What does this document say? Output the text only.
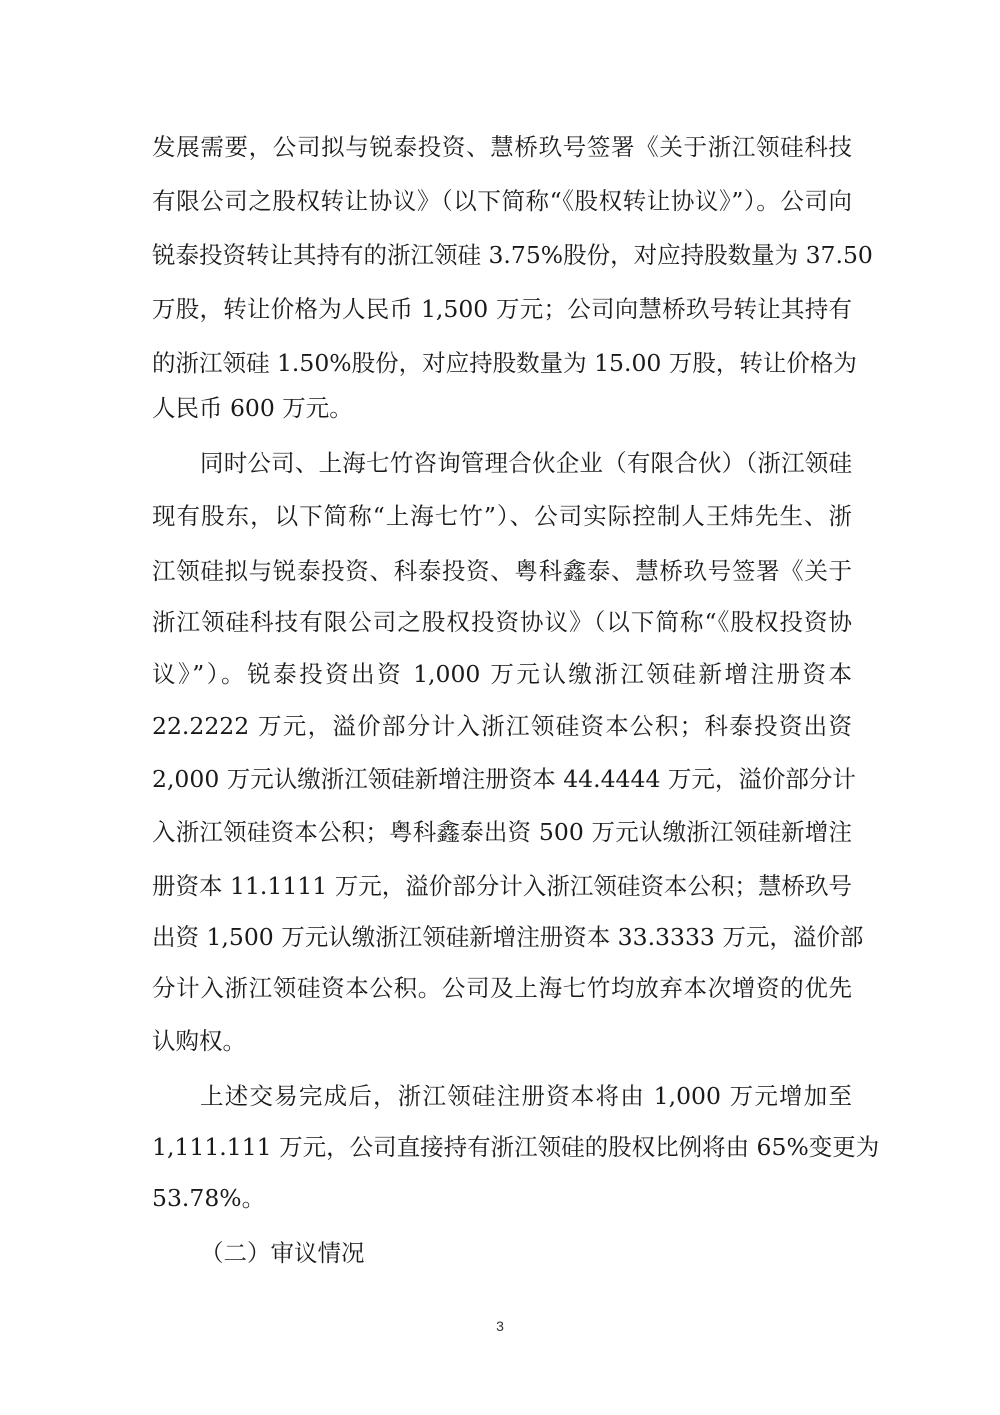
发展需要，公司拟与锐泰投资、慧桥玖号签署《关于浙江领硅科技
有限公司之股权转让协议》（以下简称“《股权转让协议》”）。公司向
锐泰投资转让其持有的浙江领硅 3.75%股份，对应持股数量为 37.50
万股，转让价格为人民币 1,500 万元；公司向慧桥玖号转让其持有
的浙江领硅 1.50%股份，对应持股数量为 15.00 万股，转让价格为
人民币 600 万元。
同时公司、上海七竹咨询管理合伙企业（有限合伙）（浙江领硅
现有股东，以下简称“上海七竹”）、公司实际控制人王炜先生、浙
江领硅拟与锐泰投资、科泰投资、粤科鑫泰、慧桥玖号签署《关于
浙江领硅科技有限公司之股权投资协议》（以下简称“《股权投资协
议》”）。锐泰投资出资 1,000 万元认缴浙江领硅新增注册资本
22.2222 万元，溢价部分计入浙江领硅资本公积；科泰投资出资
2,000 万元认缴浙江领硅新增注册资本 44.4444 万元，溢价部分计
入浙江领硅资本公积；粤科鑫泰出资 500 万元认缴浙江领硅新增注
册资本 11.1111 万元，溢价部分计入浙江领硅资本公积；慧桥玖号
出资 1,500 万元认缴浙江领硅新增注册资本 33.3333 万元，溢价部
分计入浙江领硅资本公积。公司及上海七竹均放弃本次增资的优先
认购权。
上述交易完成后，浙江领硅注册资本将由 1,000 万元增加至
1,111.111 万元，公司直接持有浙江领硅的股权比例将由 65%变更为
53.78%。
（二）审议情况
3
